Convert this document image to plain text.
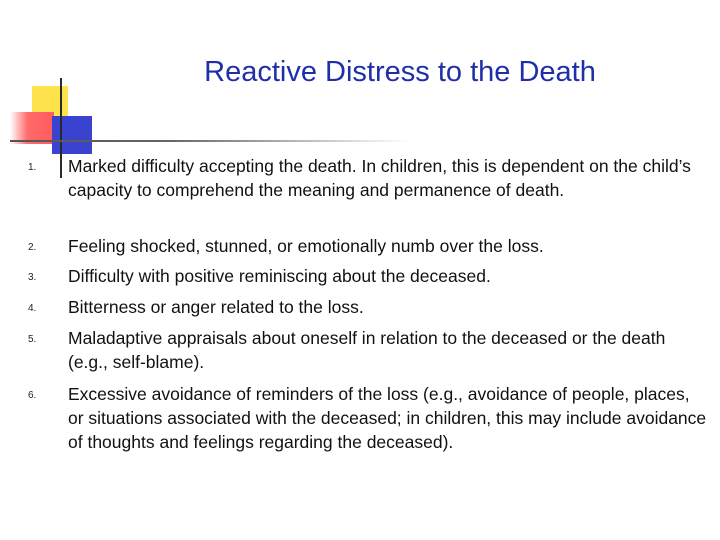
Reactive Distress to the Death
1. Marked difficulty accepting the death. In children, this is dependent on the child’s capacity to comprehend the meaning and permanence of death.
2. Feeling shocked, stunned, or emotionally numb over the loss.
3. Difficulty with positive reminiscing about the deceased.
4. Bitterness or anger related to the loss.
5. Maladaptive appraisals about oneself in relation to the deceased or the death (e.g., self-blame).
6. Excessive avoidance of reminders of the loss (e.g., avoidance of people, places, or situations associated with the deceased; in children, this may include avoidance of thoughts and feelings regarding the deceased).
